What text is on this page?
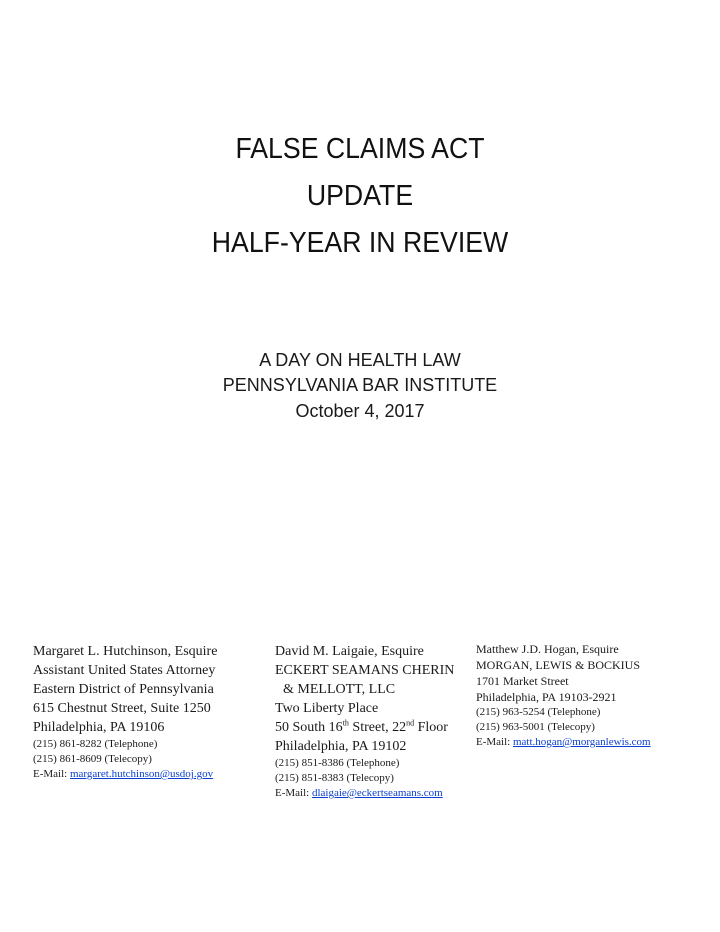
FALSE CLAIMS ACT
UPDATE
HALF-YEAR IN REVIEW
A DAY ON HEALTH LAW
PENNSYLVANIA BAR INSTITUTE
October 4, 2017
Margaret L. Hutchinson, Esquire
Assistant United States Attorney
Eastern District of Pennsylvania
615 Chestnut Street, Suite 1250
Philadelphia, PA 19106
(215) 861-8282 (Telephone)
(215) 861-8609 (Telecopy)
E-Mail: margaret.hutchinson@usdoj.gov
David M. Laigaie, Esquire
ECKERT SEAMANS CHERIN
& MELLOTT, LLC
Two Liberty Place
50 South 16th Street, 22nd Floor
Philadelphia, PA 19102
(215) 851-8386 (Telephone)
(215) 851-8383 (Telecopy)
E-Mail: dlaigaie@eckertseamans.com
Matthew J.D. Hogan, Esquire
MORGAN, LEWIS & BOCKIUS
1701 Market Street
Philadelphia, PA 19103-2921
(215) 963-5254 (Telephone)
(215) 963-5001 (Telecopy)
E-Mail: matt.hogan@morganlewis.com
